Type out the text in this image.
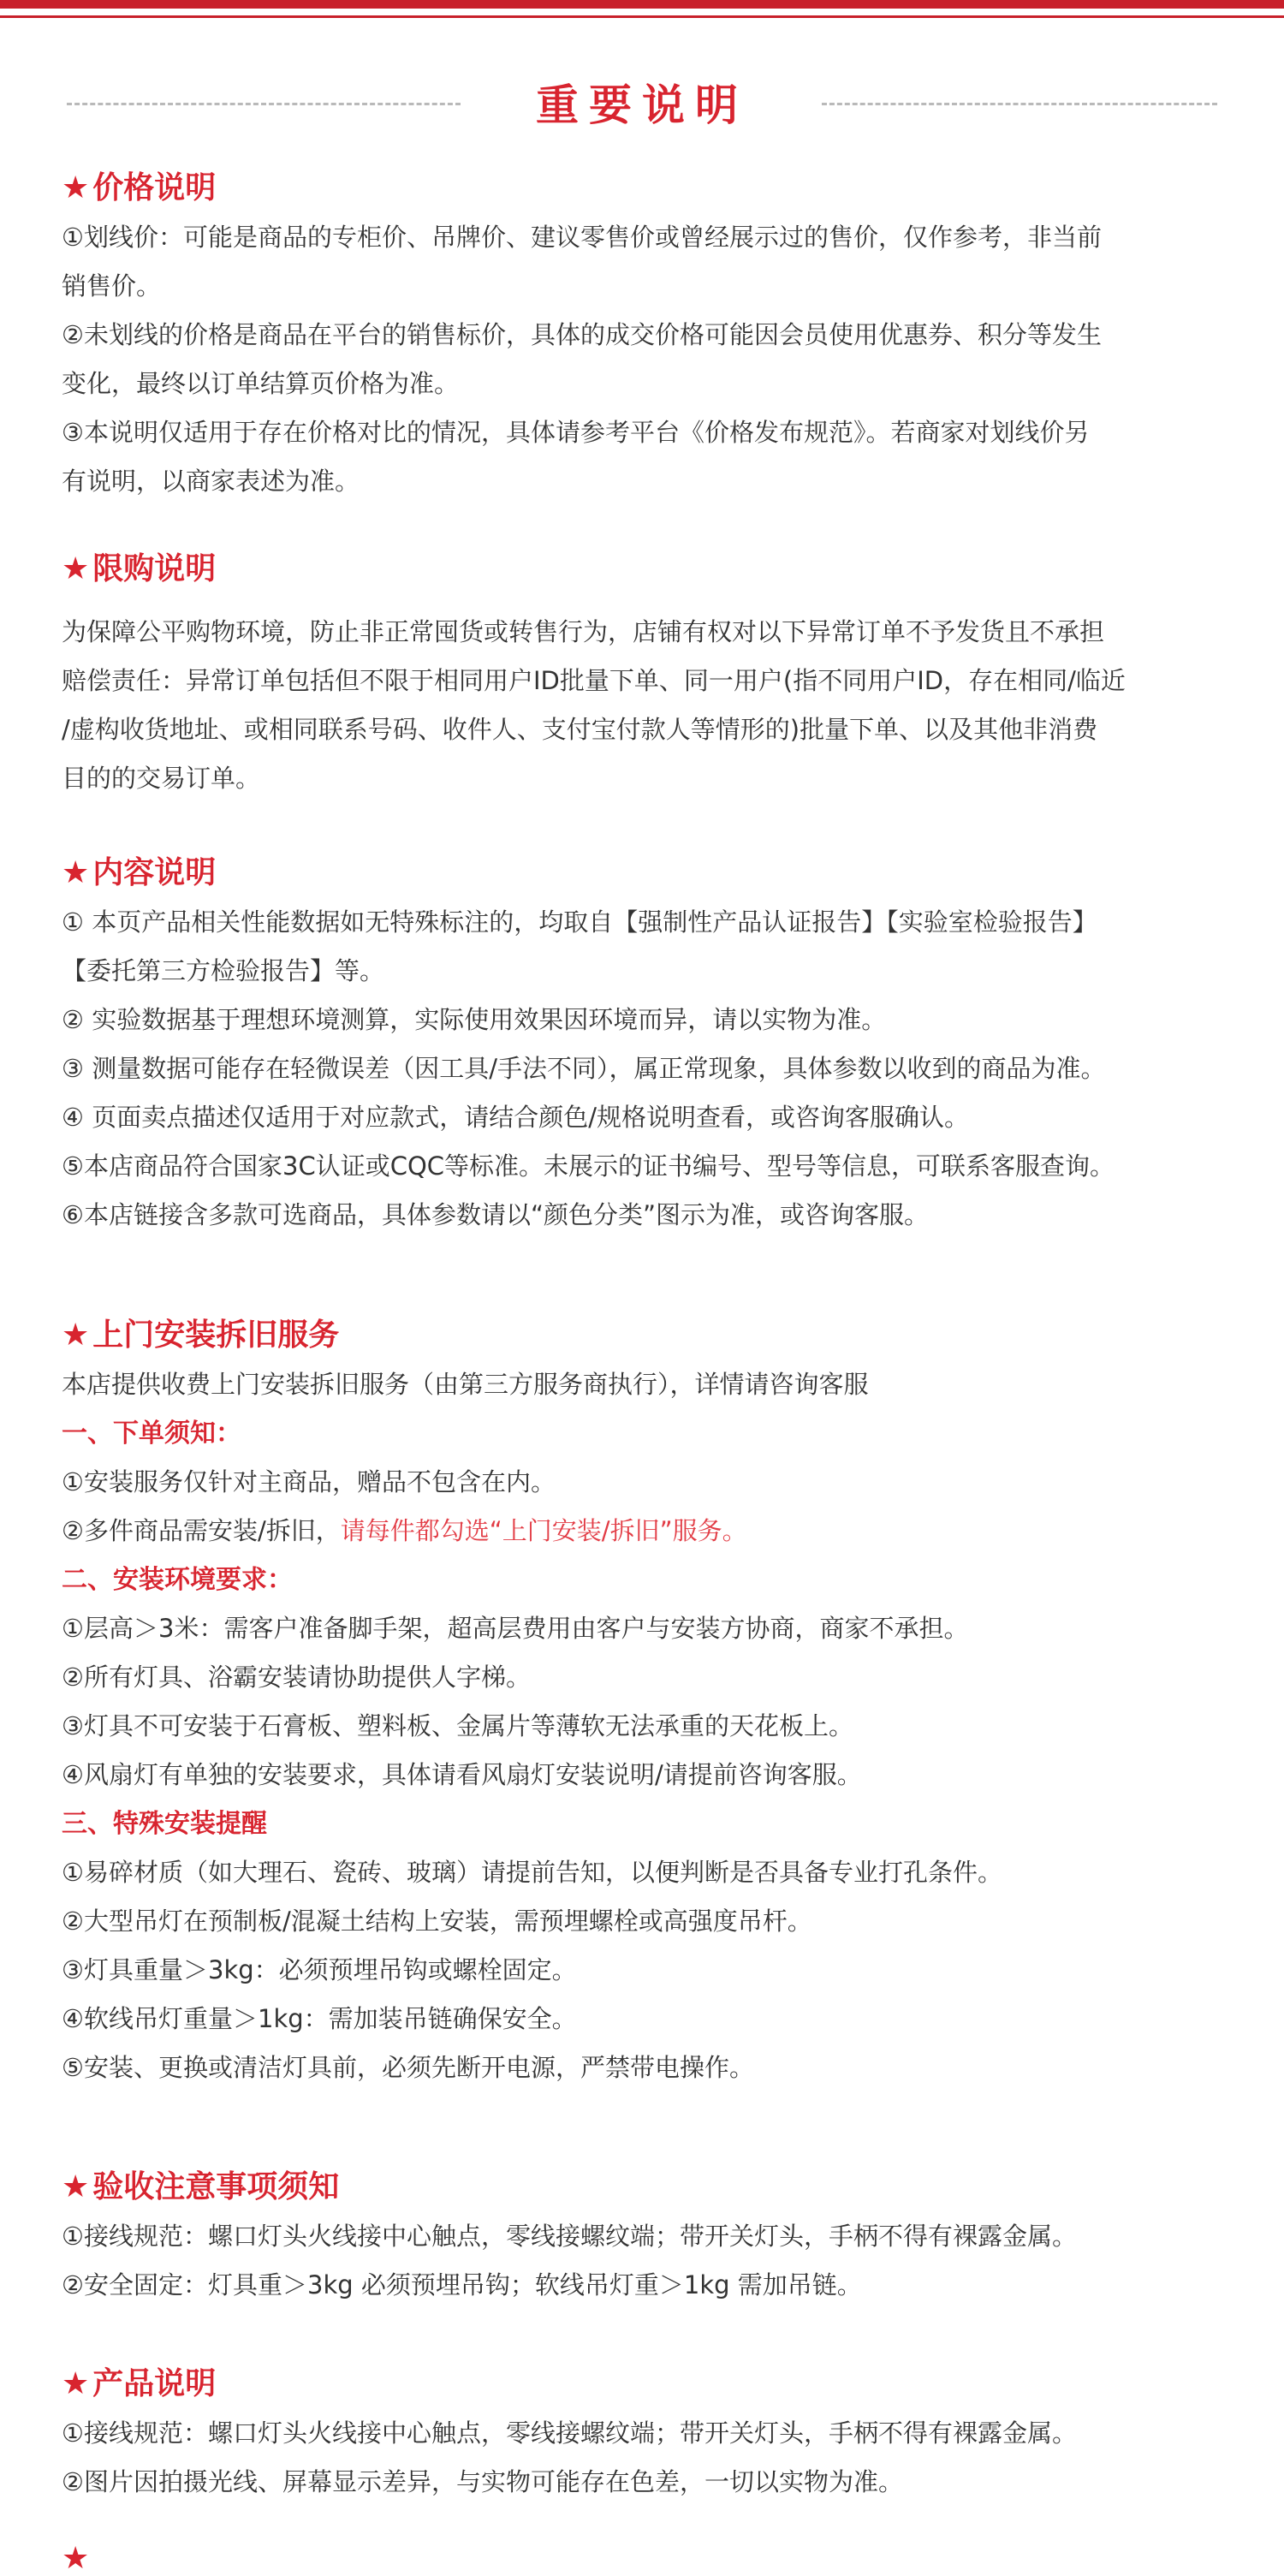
重要说明
★ 价格说明
①划线价：可能是商品的专柜价、吊牌价、建议零售价或曾经展示过的售价，仅作参考，非当前
销售价。
②未划线的价格是商品在平台的销售标价，具体的成交价格可能因会员使用优惠券、积分等发生
变化，最终以订单结算页价格为准。
③本说明仅适用于存在价格对比的情况，具体请参考平台《价格发布规范》。若商家对划线价另
有说明，以商家表述为准。
★ 限购说明
为保障公平购物环境，防止非正常囤货或转售行为，店铺有权对以下异常订单不予发货且不承担
赔偿责任：异常订单包括但不限于相同用户ID批量下单、同一用户(指不同用户ID，存在相同/临近
/虚构收货地址、或相同联系号码、收件人、支付宝付款人等情形的)批量下单、以及其他非消费
目的的交易订单。
★ 内容说明
① 本页产品相关性能数据如无特殊标注的，均取自【强制性产品认证报告】【实验室检验报告】
【委托第三方检验报告】等。
② 实验数据基于理想环境测算，实际使用效果因环境而异，请以实物为准。
③ 测量数据可能存在轻微误差（因工具/手法不同），属正常现象，具体参数以收到的商品为准。
④ 页面卖点描述仅适用于对应款式，请结合颜色/规格说明查看，或咨询客服确认。
⑤本店商品符合国家3C认证或CQC等标准。未展示的证书编号、型号等信息，可联系客服查询。
⑥本店链接含多款可选商品，具体参数请以“颜色分类”图示为准，或咨询客服。
★ 上门安装拆旧服务
本店提供收费上门安装拆旧服务（由第三方服务商执行），详情请咨询客服
一、下单须知：
①安装服务仅针对主商品，赠品不包含在内。
②多件商品需安装/拆旧，请每件都勾选“上门安装/拆旧”服务。
二、安装环境要求：
①层高＞3米：需客户准备脚手架，超高层费用由客户与安装方协商，商家不承担。
②所有灯具、浴霸安装请协助提供人字梯。
③灯具不可安装于石膏板、塑料板、金属片等薄软无法承重的天花板上。
④风扇灯有单独的安装要求，具体请看风扇灯安装说明/请提前咨询客服。
三、特殊安装提醒
①易碎材质（如大理石、瓷砖、玻璃）请提前告知，以便判断是否具备专业打孔条件。
②大型吊灯在预制板/混凝土结构上安装，需预埋螺栓或高强度吊杆。
③灯具重量＞3kg：必须预埋吊钩或螺栓固定。
④软线吊灯重量＞1kg：需加装吊链确保安全。
⑤安装、更换或清洁灯具前，必须先断开电源，严禁带电操作。
★ 验收注意事项须知
①接线规范：螺口灯头火线接中心触点，零线接螺纹端；带开关灯头，手柄不得有裸露金属。
②安全固定：灯具重＞3kg 必须预埋吊钩；软线吊灯重＞1kg 需加吊链。
★ 产品说明
①接线规范：螺口灯头火线接中心触点，零线接螺纹端；带开关灯头，手柄不得有裸露金属。
②图片因拍摄光线、屏幕显示差异，与实物可能存在色差，一切以实物为准。
★
